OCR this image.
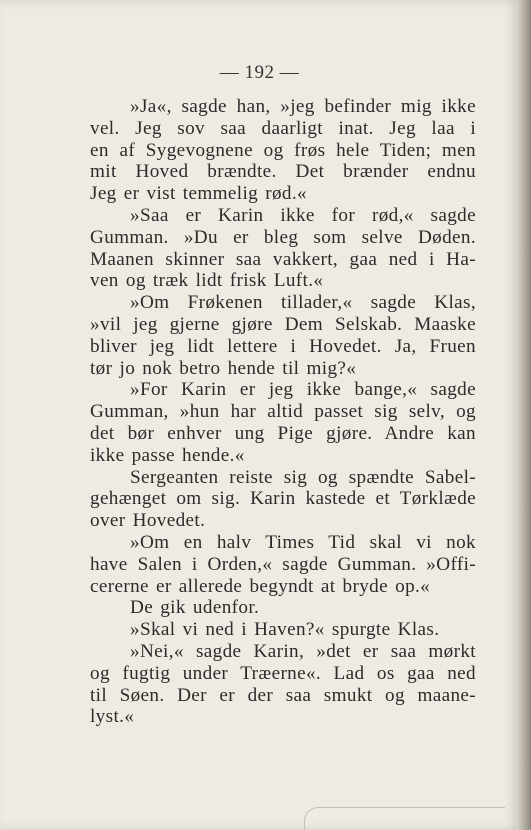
— 192 —
»Ja«, sagde han, »jeg befinder mig ikke
vel. Jeg sov saa daarligt inat. Jeg laa i
en af Sygevognene og frøs hele Tiden; men
mit Hoved brændte. Det brænder endnu
Jeg er vist temmelig rød.«
»Saa er Karin ikke for rød,« sagde
Gumman. »Du er bleg som selve Døden.
Maanen skinner saa vakkert, gaa ned i Ha-
ven og træk lidt frisk Luft.«
»Om Frøkenen tillader,« sagde Klas,
»vil jeg gjerne gjøre Dem Selskab. Maaske
bliver jeg lidt lettere i Hovedet. Ja, Fruen
tør jo nok betro hende til mig?«
»For Karin er jeg ikke bange,« sagde
Gumman, »hun har altid passet sig selv, og
det bør enhver ung Pige gjøre. Andre kan
ikke passe hende.«
Sergeanten reiste sig og spændte Sabel-
gehænget om sig. Karin kastede et Tørklæde
over Hovedet.
»Om en halv Times Tid skal vi nok
have Salen i Orden,« sagde Gumman. »Offi-
cererne er allerede begyndt at bryde op.«
De gik udenfor.
»Skal vi ned i Haven?« spurgte Klas.
»Nei,« sagde Karin, »det er saa mørkt
og fugtig under Træerne«. Lad os gaa ned
til Søen. Der er der saa smukt og maane-
lyst.«
